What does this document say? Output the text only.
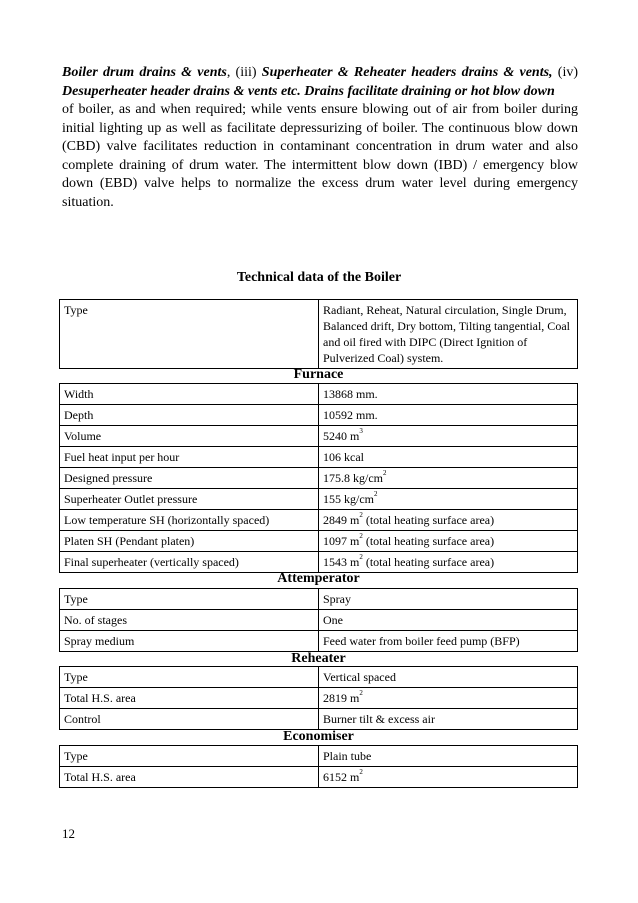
Boiler drum drains & vents, (iii) Superheater & Reheater headers drains & vents, (iv) Desuperheater header drains & vents etc. Drains facilitate draining or hot blow down

of boiler, as and when required; while vents ensure blowing out of air from boiler during initial lighting up as well as facilitate depressurizing of boiler. The continuous blow down (CBD) valve facilitates reduction in contaminant concentration in drum water and also complete draining of drum water. The intermittent blow down (IBD) / emergency blow down (EBD) valve helps to normalize the excess drum water level during emergency situation.

Technical data of the Boiler
Type	Radiant, Reheat, Natural circulation, Single Drum, Balanced drift, Dry bottom, Tilting tangential, Coal and oil fired with DIPC (Direct Ignition of Pulverized Coal) system.
Furnace
Width	13868 mm.
Depth	10592 mm.
Volume	5240 $m^3$
Fuel heat input per hour	106 kcal
Designed pressure	175.8 $kg/cm^2$
Superheater Outlet pressure	155 $kg/cm^2$
Low temperature SH (horizontally spaced)	2849 $m^2$ (total heating surface area)
Platen SH (Pendant platen)	1097 $m^2$ (total heating surface area)
Final superheater (vertically spaced)	1543 $m^2$ (total heating surface area)
Attemperator
Type	Spray
No. of stages	One
Spray medium	Feed water from boiler feed pump (BFP)
Reheater
Type	Vertical spaced
Total H.S. area	2819 $m^2$
Control	Burner tilt & excess air
Economiser
Type	Plain tube
Total H.S. area	6152 $m^2$
12
